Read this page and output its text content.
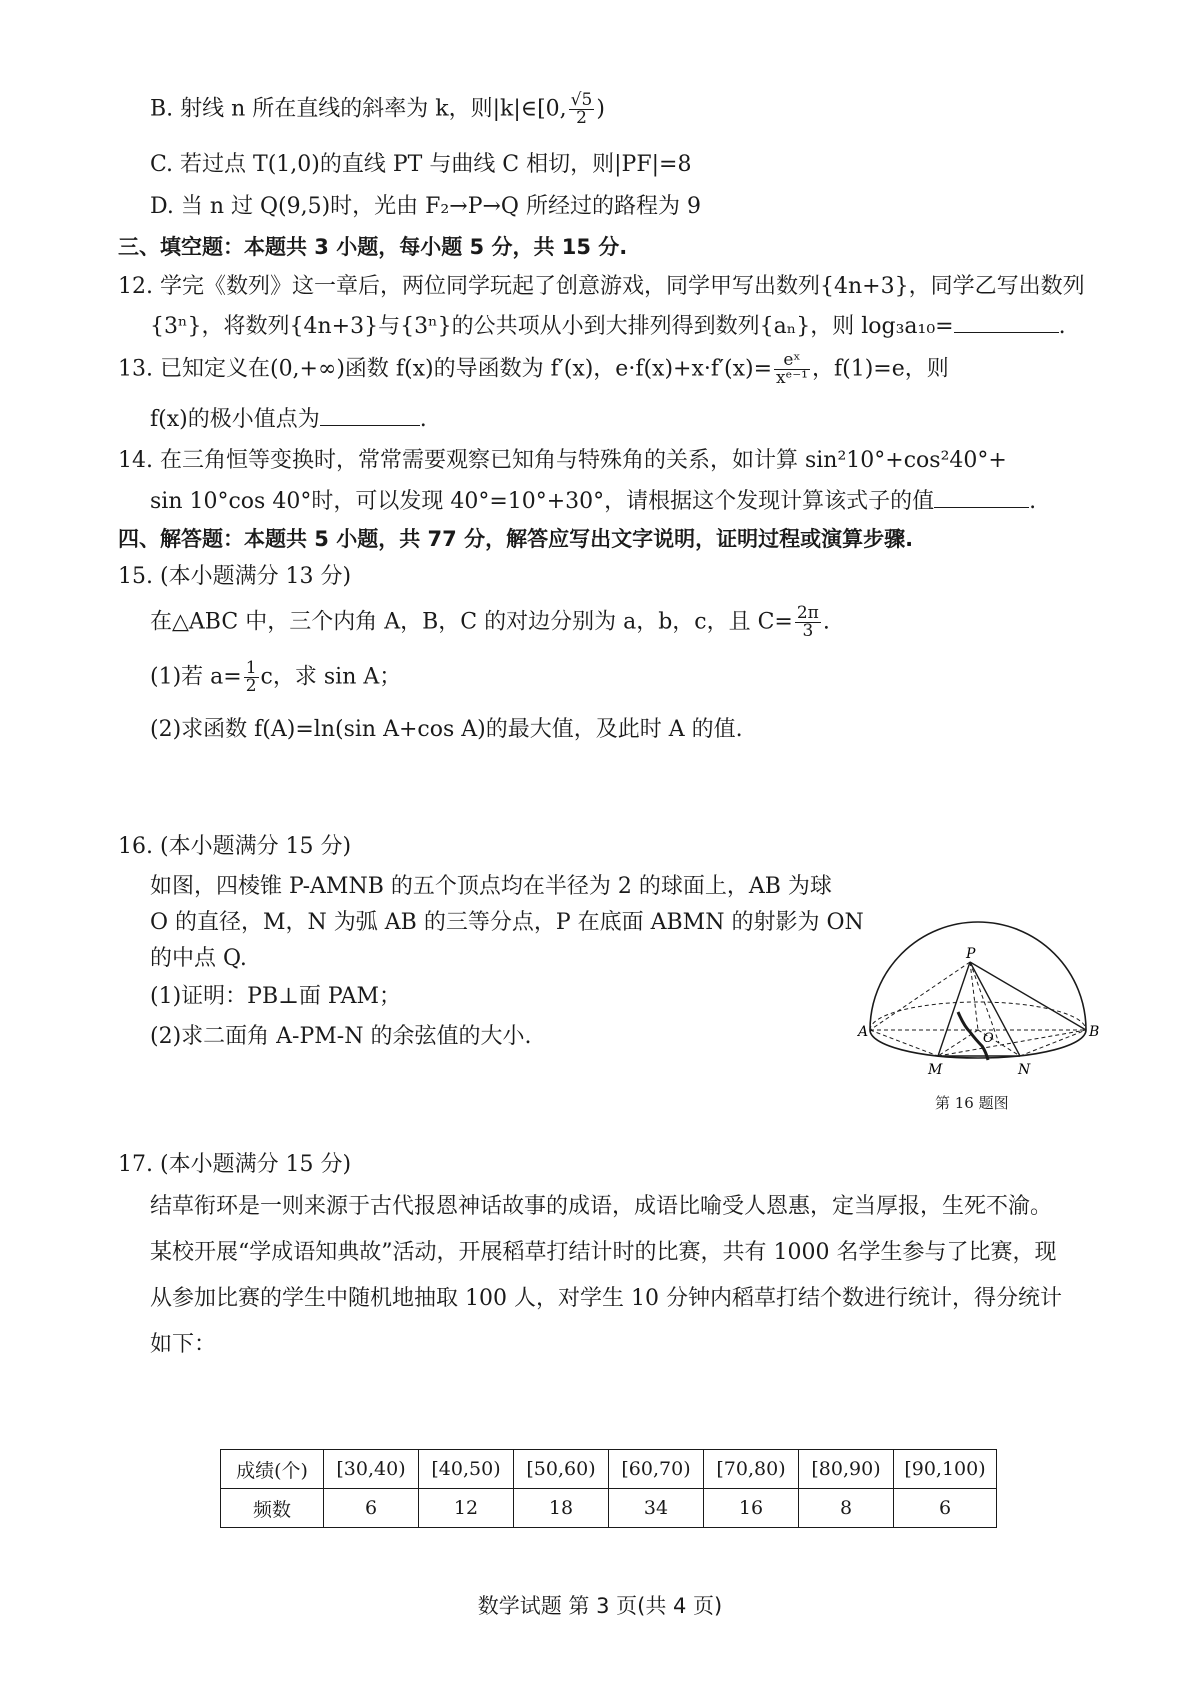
B. 射线 n 所在直线的斜率为 k，则|k|∈[0, $\frac{√5}{2}$ )
C. 若过点 T(1,0)的直线 PT 与曲线 C 相切，则|PF|=8
D. 当 n 过 Q(9,5)时，光由 F₂→P→Q 所经过的路程为 9
三、填空题：本题共 3 小题，每小题 5 分，共 15 分.
12. 学完《数列》这一章后，两位同学玩起了创意游戏，同学甲写出数列{4n+3}，同学乙写出数列
{3ⁿ}，将数列{4n+3}与{3ⁿ}的公共项从小到大排列得到数列{aₙ}，则 log₃a₁₀=	.
13. 已知定义在(0,+∞)函数 f(x)的导函数为 f′(x)，$e\cdot f(x)+x\cdot f'(x)= \frac{\text{eˣ}}{\text{xᵉ⁻¹}}$ ，f(1)=e，则
f(x)的极小值点为	.
14. 在三角恒等变换时，常常需要观察已知角与特殊角的关系，如计算 sin²10°+cos²40°+
sin 10°cos 40°时，可以发现 40°=10°+30°，请根据这个发现计算该式子的值	.
四、解答题：本题共 5 小题，共 77 分，解答应写出文字说明，证明过程或演算步骤.
15. (本小题满分 13 分)
在△ABC 中，三个内角 A，B，C 的对边分别为 a，b，c，且 $C= \frac{2\pi}{3}$ .
(1)若 $a= \frac{1}{2}$ c，求 sin A；
(2)求函数 f(A)=ln(sin A+cos A)的最大值，及此时 A 的值.
16. (本小题满分 15 分)
如图，四棱锥 P-AMNB 的五个顶点均在半径为 2 的球面上，AB 为球
O 的直径，M，N 为弧 AB 的三等分点，P 在底面 ABMN 的射影为 ON
的中点 Q.
(1)证明：PB⊥面 PAM；
(2)求二面角 A-PM-N 的余弦值的大小.
P
A	B
M	N
O
第 16 题图
17. (本小题满分 15 分)
结草衔环是一则来源于古代报恩神话故事的成语，成语比喻受人恩惠，定当厚报，生死不渝。
某校开展“学成语知典故”活动，开展稻草打结计时的比赛，共有 1000 名学生参与了比赛，现
从参加比赛的学生中随机地抽取 100 人，对学生 10 分钟内稻草打结个数进行统计，得分统计
如下：
成绩(个)	[30,40)	[40,50)	[50,60)	[60,70)	[70,80)	[80,90)	[90,100)
频数	6	12	18	34	16	8	6
数学试题 第 3 页(共 4 页)
